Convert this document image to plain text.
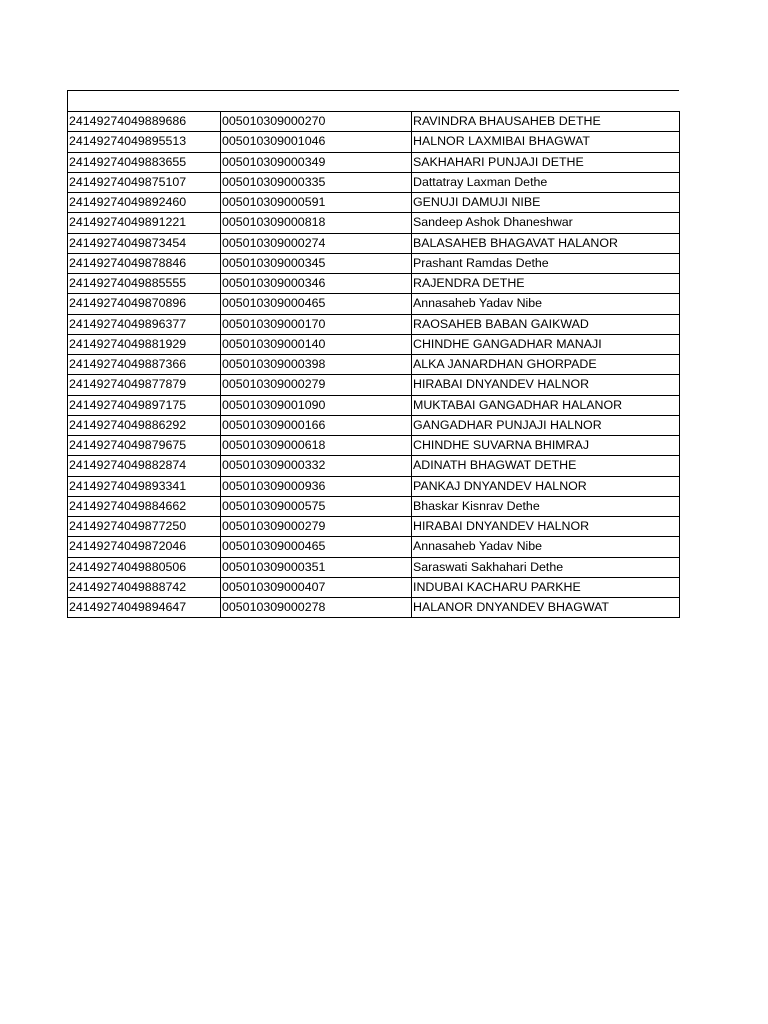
24149274049889686	005010309000270	RAVINDRA BHAUSAHEB DETHE
24149274049895513	005010309001046	HALNOR LAXMIBAI BHAGWAT
24149274049883655	005010309000349	SAKHAHARI PUNJAJI DETHE
24149274049875107	005010309000335	Dattatray Laxman Dethe
24149274049892460	005010309000591	GENUJI DAMUJI NIBE
24149274049891221	005010309000818	Sandeep Ashok Dhaneshwar
24149274049873454	005010309000274	BALASAHEB BHAGAVAT HALANOR
24149274049878846	005010309000345	Prashant Ramdas Dethe
24149274049885555	005010309000346	RAJENDRA DETHE
24149274049870896	005010309000465	Annasaheb Yadav Nibe
24149274049896377	005010309000170	RAOSAHEB BABAN GAIKWAD
24149274049881929	005010309000140	CHINDHE GANGADHAR MANAJI
24149274049887366	005010309000398	ALKA JANARDHAN GHORPADE
24149274049877879	005010309000279	HIRABAI DNYANDEV HALNOR
24149274049897175	005010309001090	MUKTABAI GANGADHAR HALANOR
24149274049886292	005010309000166	GANGADHAR PUNJAJI HALNOR
24149274049879675	005010309000618	CHINDHE SUVARNA BHIMRAJ
24149274049882874	005010309000332	ADINATH BHAGWAT DETHE
24149274049893341	005010309000936	PANKAJ DNYANDEV HALNOR
24149274049884662	005010309000575	Bhaskar Kisnrav Dethe
24149274049877250	005010309000279	HIRABAI DNYANDEV HALNOR
24149274049872046	005010309000465	Annasaheb Yadav Nibe
24149274049880506	005010309000351	Saraswati Sakhahari Dethe
24149274049888742	005010309000407	INDUBAI KACHARU PARKHE
24149274049894647	005010309000278	HALANOR DNYANDEV BHAGWAT
